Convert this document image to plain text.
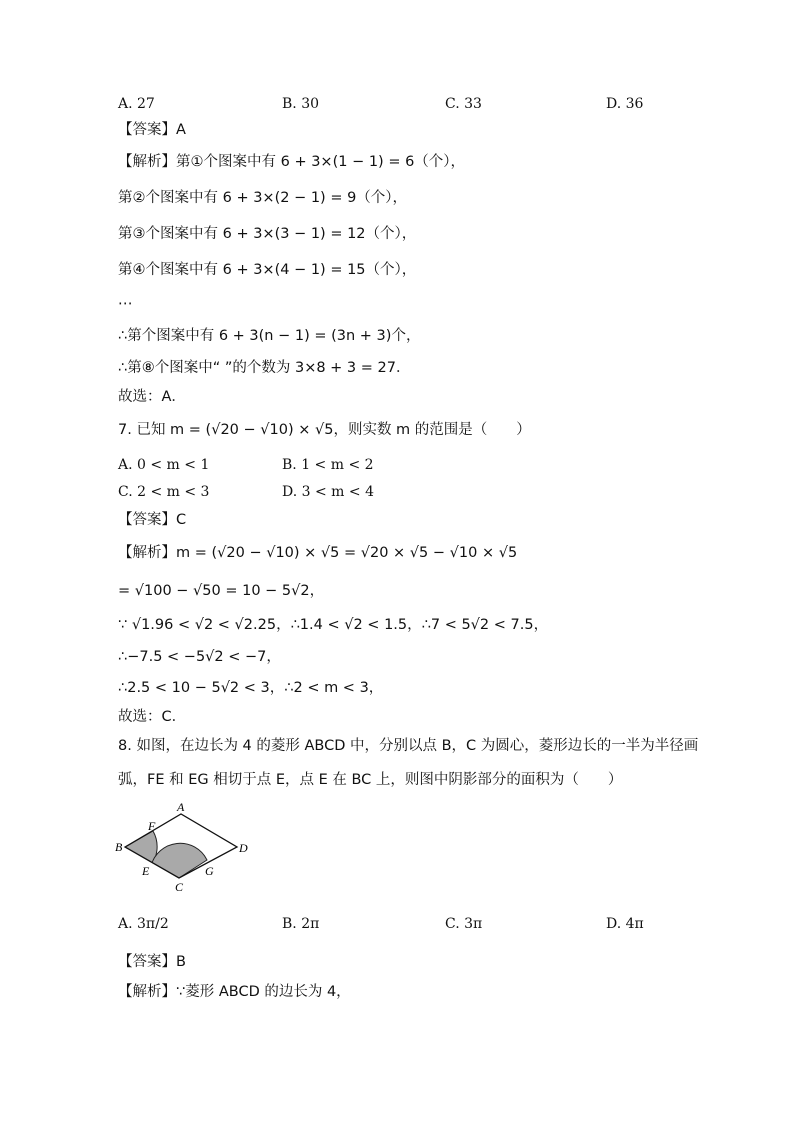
A. 27	B. 30	C. 33	D. 36
【答案】A
【解析】第①个图案中有 6 + 3×(1 − 1) = 6（个），
第②个图案中有 6 + 3×(2 − 1) = 9（个），
第③个图案中有 6 + 3×(3 − 1) = 12（个），
第④个图案中有 6 + 3×(4 − 1) = 15（个），
⋯
∴第个图案中有 6 + 3(n − 1) = (3n + 3)个，
∴第⑧个图案中“ ”的个数为 3×8 + 3 = 27．
故选：A．
7. 已知 m = (√20 − √10) × √5，则实数 m 的范围是（　　）
A. 0 < m < 1	B. 1 < m < 2
C. 2 < m < 3	D. 3 < m < 4
【答案】C
【解析】m = (√20 − √10) × √5 = √20 × √5 − √10 × √5
= √100 − √50 = 10 − 5√2，
∵ √1.96 < √2 < √2.25，∴1.4 < √2 < 1.5，∴7 < 5√2 < 7.5，
∴−7.5 < −5√2 < −7，
∴2.5 < 10 − 5√2 < 3，∴2 < m < 3，
故选：C．
8. 如图，在边长为 4 的菱形 ABCD 中，分别以点 B，C 为圆心，菱形边长的一半为半径画
弧，FE 和 EG 相切于点 E，点 E 在 BC 上，则图中阴影部分的面积为（　　）
A
B
C
D
E
F
G
A. 3π/2	B. 2π	C. 3π	D. 4π
【答案】B
【解析】∵菱形 ABCD 的边长为 4，
